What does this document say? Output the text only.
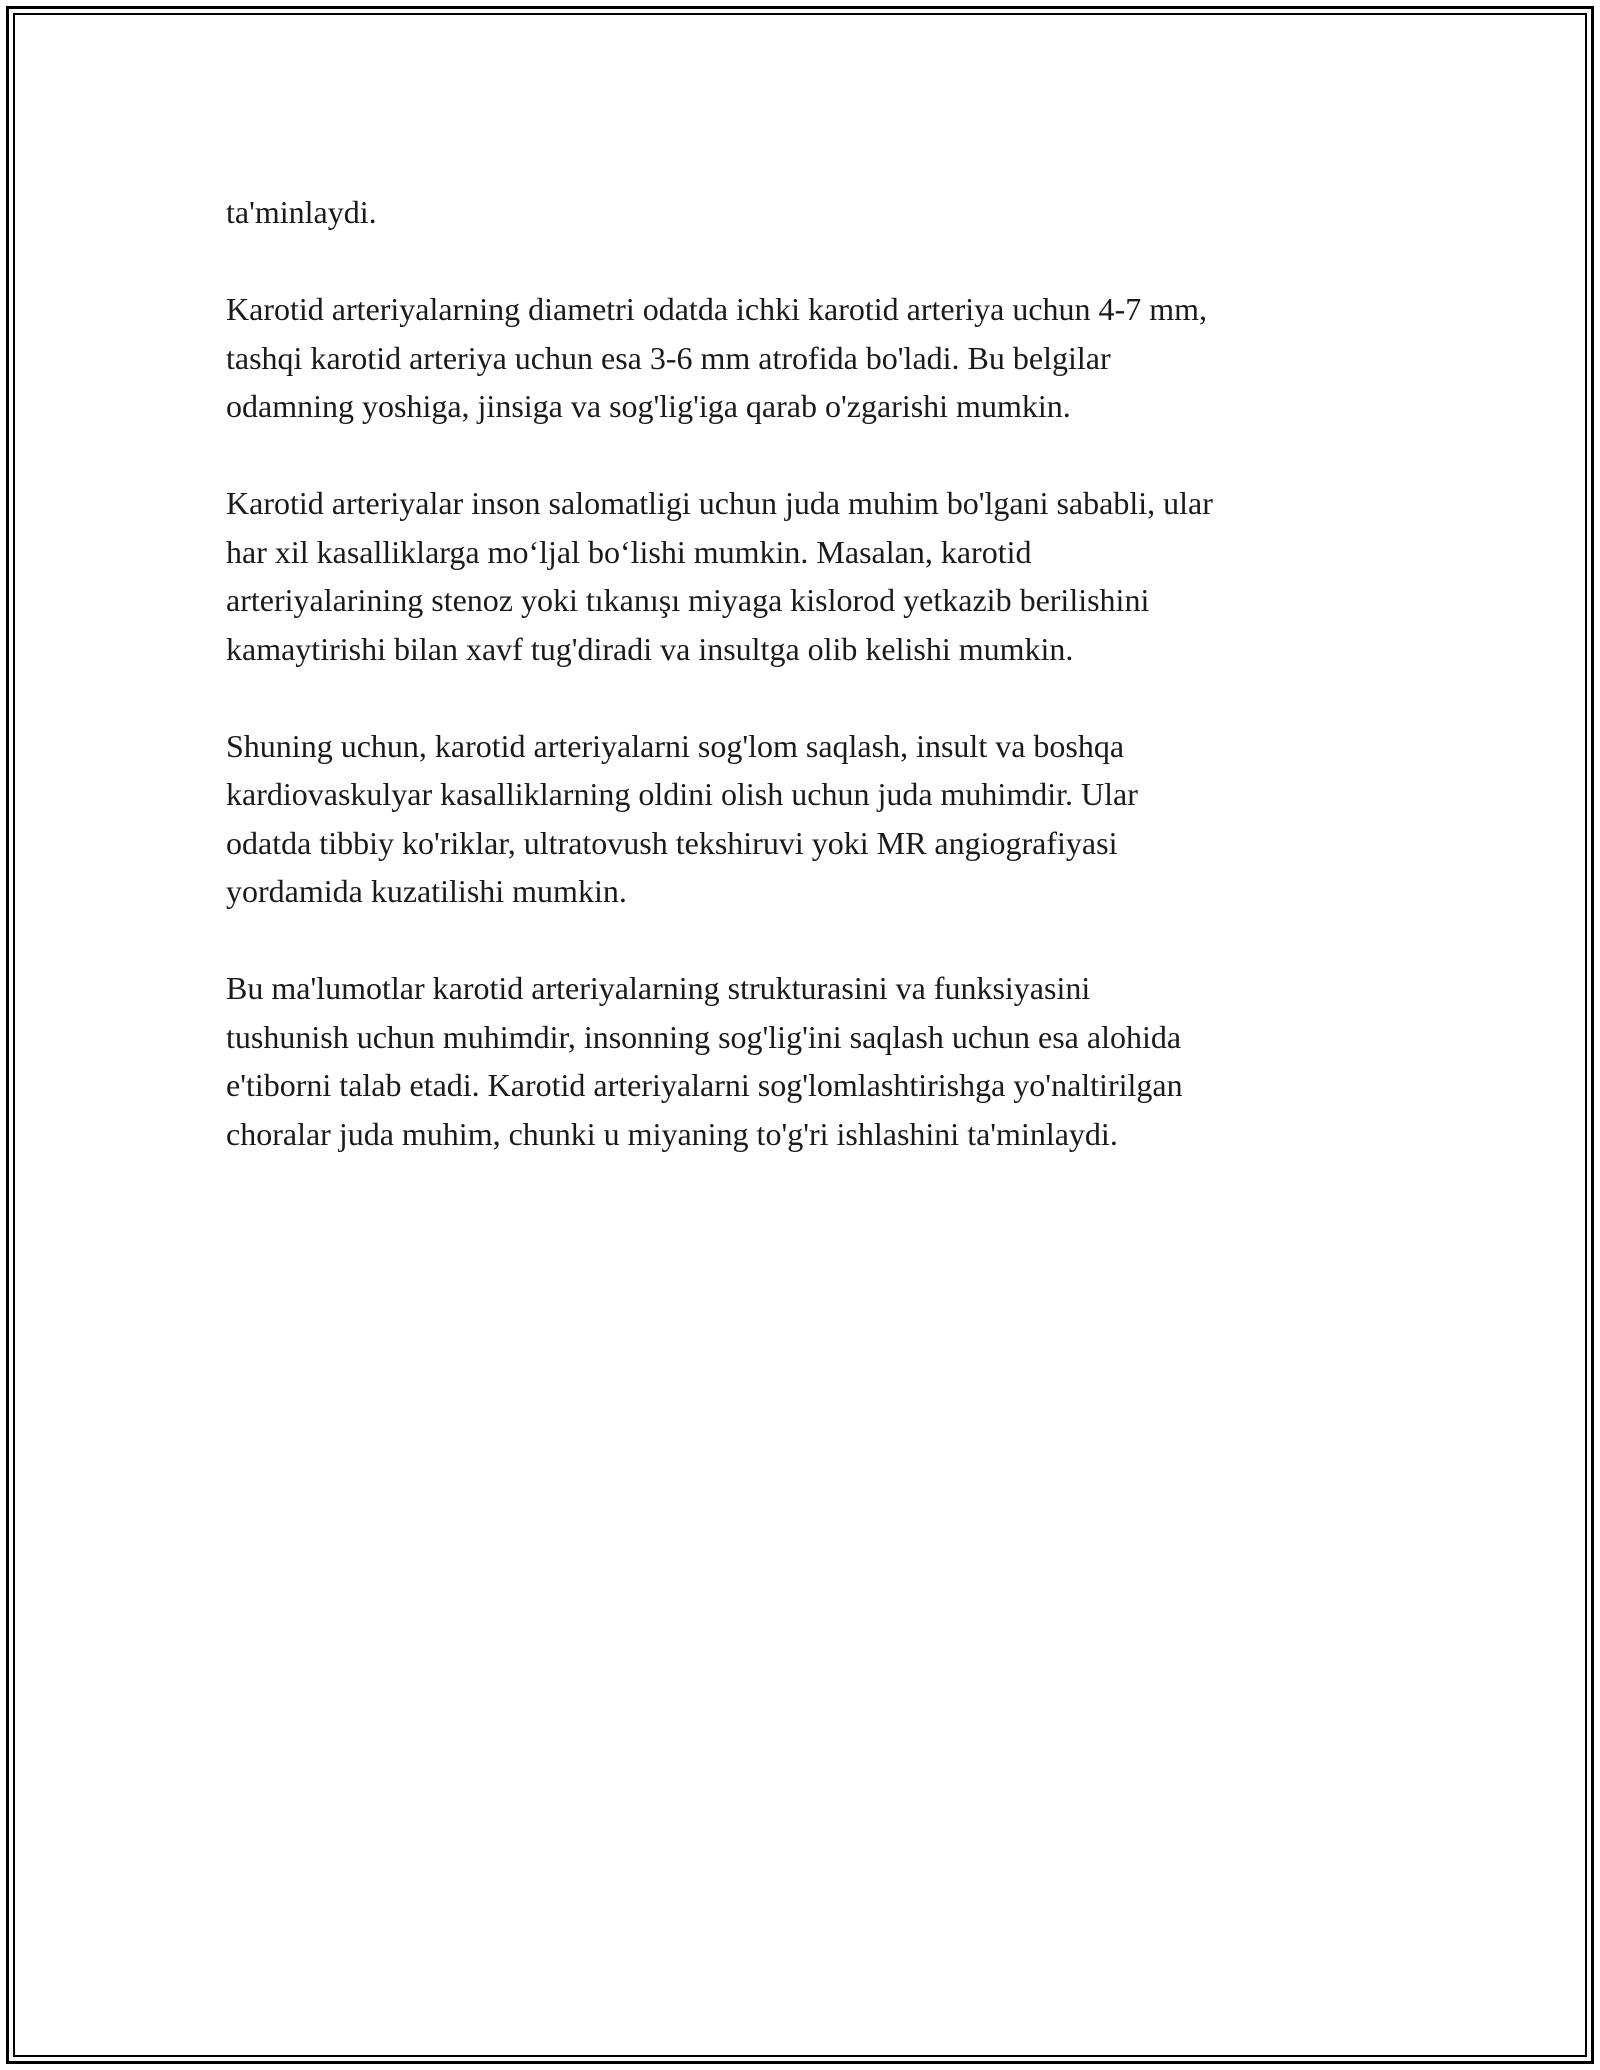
ta'minlaydi.

Karotid arteriyalarning diametri odatda ichki karotid arteriya uchun 4-7 mm,
tashqi karotid arteriya uchun esa 3-6 mm atrofida bo'ladi. Bu belgilar
odamning yoshiga, jinsiga va sog'lig'iga qarab o'zgarishi mumkin.

Karotid arteriyalar inson salomatligi uchun juda muhim bo'lgani sababli, ular
har xil kasalliklarga mo‘ljal bo‘lishi mumkin. Masalan, karotid
arteriyalarining stenoz yoki tıkanışı miyaga kislorod yetkazib berilishini
kamaytirishi bilan xavf tug'diradi va insultga olib kelishi mumkin.

Shuning uchun, karotid arteriyalarni sog'lom saqlash, insult va boshqa
kardiovaskulyar kasalliklarning oldini olish uchun juda muhimdir. Ular
odatda tibbiy ko'riklar, ultratovush tekshiruvi yoki MR angiografiyasi
yordamida kuzatilishi mumkin.

Bu ma'lumotlar karotid arteriyalarning strukturasini va funksiyasini
tushunish uchun muhimdir, insonning sog'lig'ini saqlash uchun esa alohida
e'tiborni talab etadi. Karotid arteriyalarni sog'lomlashtirishga yo'naltirilgan
choralar juda muhim, chunki u miyaning to'g'ri ishlashini ta'minlaydi.
